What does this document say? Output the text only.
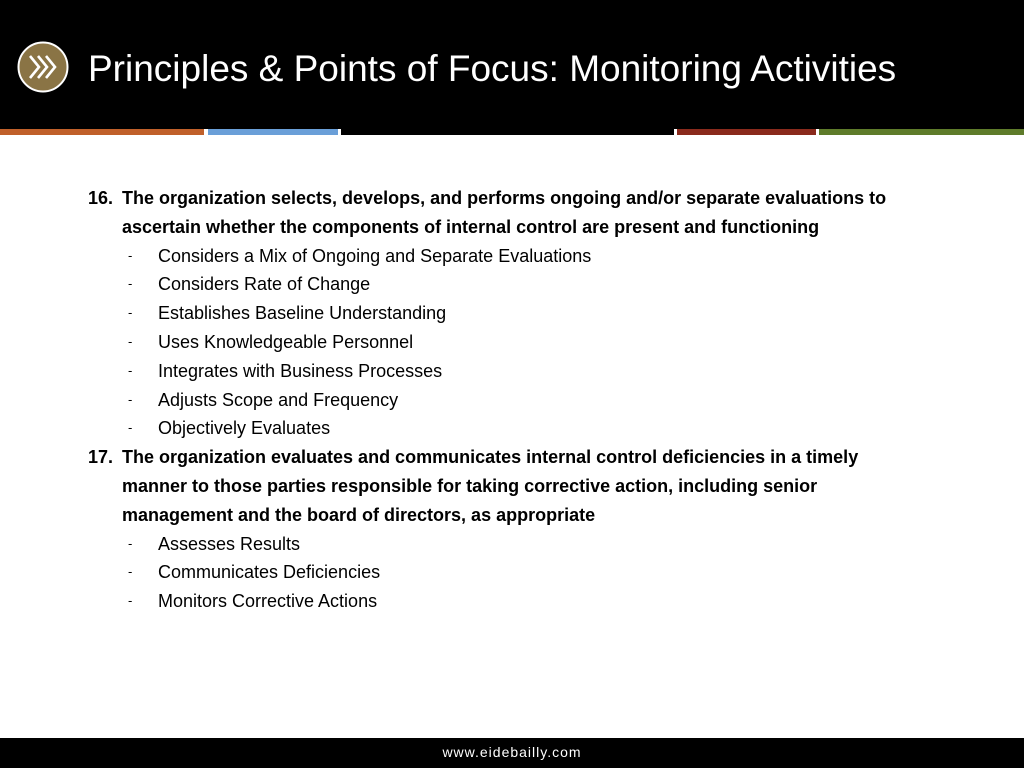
Principles & Points of Focus: Monitoring Activities
16. The organization selects, develops, and performs ongoing and/or separate evaluations to ascertain whether the components of internal control are present and functioning
- Considers a Mix of Ongoing and Separate Evaluations
- Considers Rate of Change
- Establishes Baseline Understanding
- Uses Knowledgeable Personnel
- Integrates with Business Processes
- Adjusts Scope and Frequency
- Objectively Evaluates
17. The organization evaluates and communicates internal control deficiencies in a timely manner to those parties responsible for taking corrective action, including senior management and the board of directors, as appropriate
- Assesses Results
- Communicates Deficiencies
- Monitors Corrective Actions
www.eidebailly.com
